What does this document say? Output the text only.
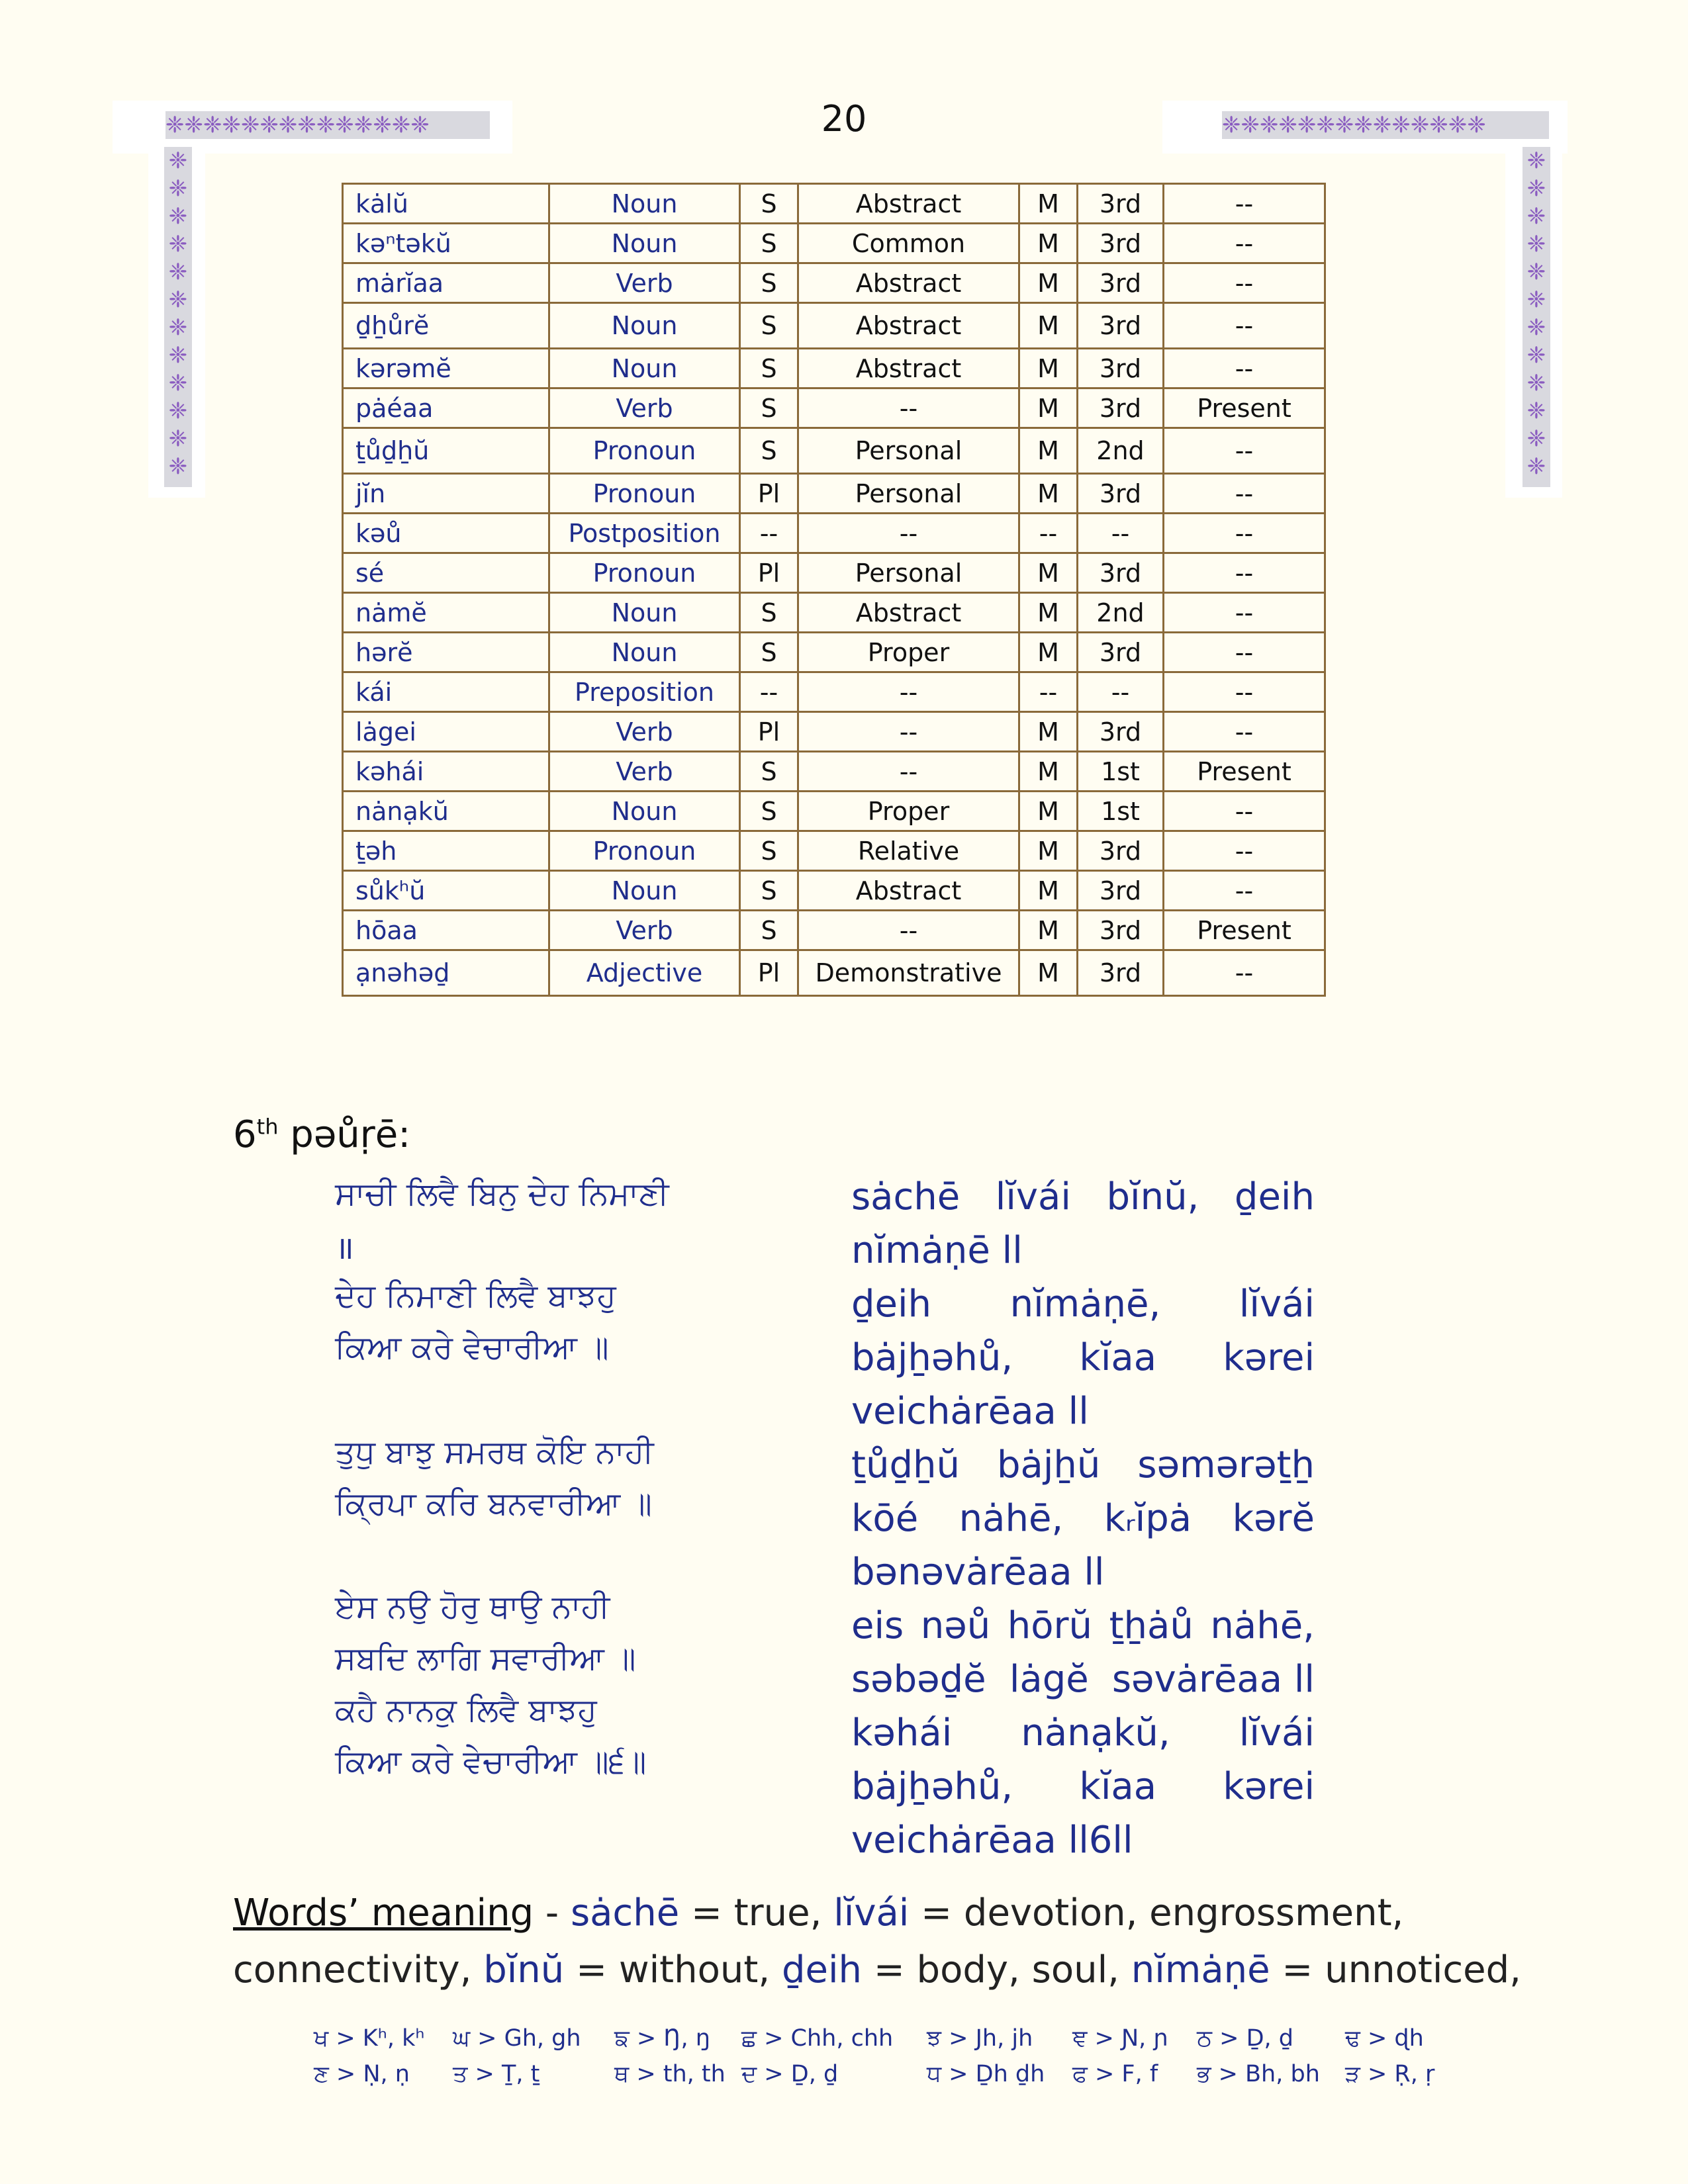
❈❈❈❈❈❈❈❈❈❈❈❈❈❈
❈❈❈❈❈❈❈❈❈❈❈❈
❈❈❈❈❈❈❈❈❈❈❈❈❈❈
❈❈❈❈❈❈❈❈❈❈❈❈
20
kȧlŭ	Noun	S	Abstract	M	3rd	--
kəⁿtəkŭ	Noun	S	Common	M	3rd	--
mȧrĭaa	Verb	S	Abstract	M	3rd	--
ḏẖůrĕ	Noun	S	Abstract	M	3rd	--
kərəmĕ	Noun	S	Abstract	M	3rd	--
pȧéaa	Verb	S	--	M	3rd	Present
ṯůḏẖŭ	Pronoun	S	Personal	M	2nd	--
jĭn	Pronoun	Pl	Personal	M	3rd	--
kəů	Postposition	--	--	--	--	--
sé	Pronoun	Pl	Personal	M	3rd	--
nȧmĕ	Noun	S	Abstract	M	2nd	--
hərĕ	Noun	S	Proper	M	3rd	--
kái	Preposition	--	--	--	--	--
lȧgei	Verb	Pl	--	M	3rd	--
kəhái	Verb	S	--	M	1st	Present
nȧnạkŭ	Noun	S	Proper	M	1st	--
ṯəh	Pronoun	S	Relative	M	3rd	--
sůkʰŭ	Noun	S	Abstract	M	3rd	--
hōaa	Verb	S	--	M	3rd	Present
ạnəhəḏ	Adjective	Pl	Demonstrative	M	3rd	--
6th pəůṛē:
ਸਾਚੀ ਲਿਵੈ ਬਿਨੁ ਦੇਹ ਨਿਮਾਣੀ
॥
ਦੇਹ ਨਿਮਾਣੀ ਲਿਵੈ ਬਾਝਹੁ
ਕਿਆ ਕਰੇ ਵੇਚਾਰੀਆ ॥
ਤੁਧੁ ਬਾਝੁ ਸਮਰਥ ਕੋਇ ਨਾਹੀ
ਕ੍ਰਿਪਾ ਕਰਿ ਬਨਵਾਰੀਆ ॥
ਏਸ ਨਉ ਹੋਰੁ ਥਾਉ ਨਾਹੀ
ਸਬਦਿ ਲਾਗਿ ਸਵਾਰੀਆ ॥
ਕਹੈ ਨਾਨਕੁ ਲਿਵੈ ਬਾਝਹੁ
ਕਿਆ ਕਰੇ ਵੇਚਾਰੀਆ ॥੬॥
sȧchē lĭvái bĭnŭ, ḏeih
nĭmȧṇē ll
ḏeih nĭmȧṇē, lĭvái
bȧjẖəhů, kĭaa kərei
veichȧrēaa ll
ṯůḏẖŭ bȧjẖŭ səmərəṯẖ
kōé nȧhē, kᵣĭpȧ kərĕ
bənəvȧrēaa ll
eis nəů hōrŭ ṯẖȧů nȧhē,
səbəḏĕ lȧgĕ səvȧrēaa ll
kəhái nȧnạkŭ, lĭvái
bȧjẖəhů, kĭaa kərei
veichȧrēaa ll6ll
Words’ meaning - sȧchē = true, lĭvái = devotion, engrossment,
connectivity, bĭnŭ = without, ḏeih = body, soul, nĭmȧṇē = unnoticed,
ਖ > Kʰ, kʰ ਘ > Gh, gh ਙ > Ŋ, ŋ ਛ > Chh, chh ਝ > Jh, jh ਞ > Ɲ, ɲ ਠ > Ḏ, ḏ ਢ > ɖh
ਣ > Ṇ, ṇ ਤ > Ṯ, ṯ	ਥ > th, th ਦ > Ḏ, ḏ	ਧ > Ḏh ḏh ਫ > F, f ਭ > Bh, bh ੜ > Ṛ, ṛ
